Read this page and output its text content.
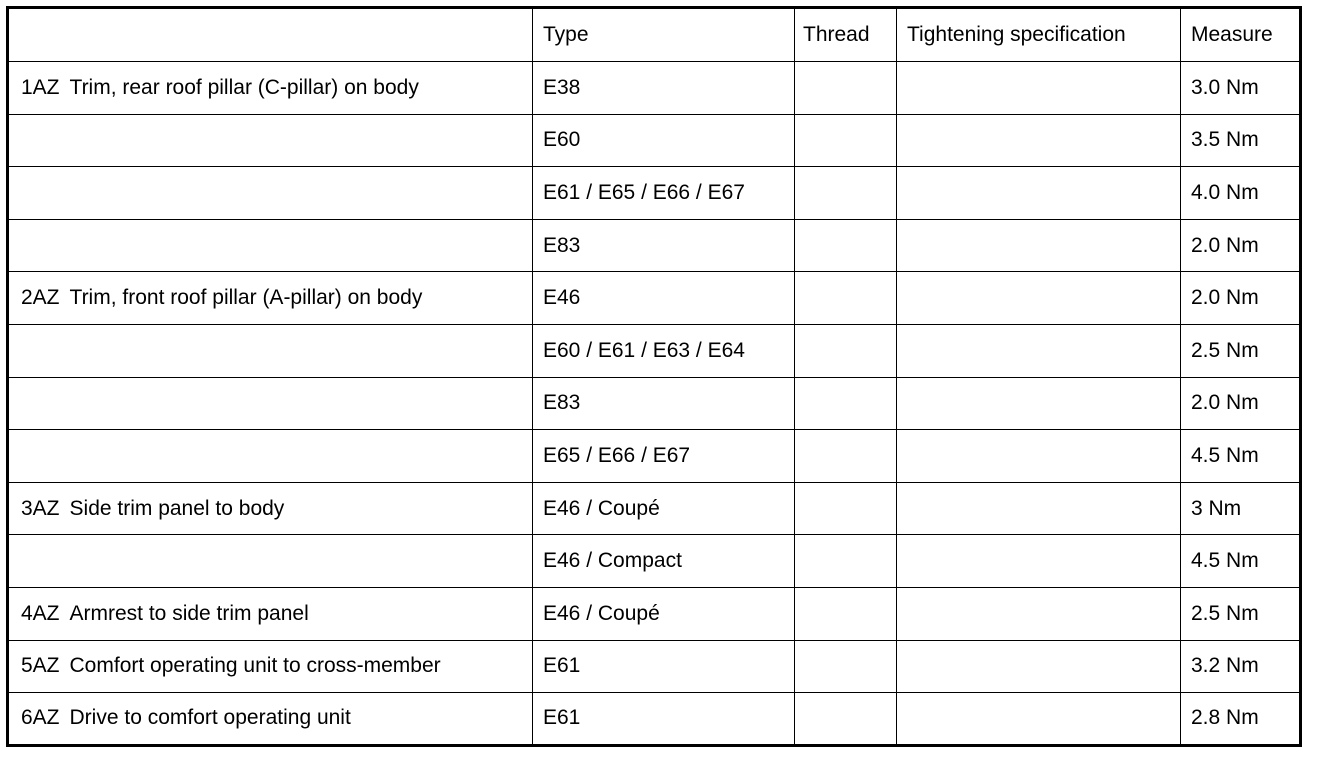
	Type	Thread	Tightening specification	Measure
1AZ Trim, rear roof pillar (C-pillar) on body	E38			3.0 Nm
	E60			3.5 Nm
	E61 / E65 / E66 / E67			4.0 Nm
	E83			2.0 Nm
2AZ Trim, front roof pillar (A-pillar) on body	E46			2.0 Nm
	E60 / E61 / E63 / E64			2.5 Nm
	E83			2.0 Nm
	E65 / E66 / E67			4.5 Nm
3AZ Side trim panel to body	E46 / Coupé			3 Nm
	E46 / Compact			4.5 Nm
4AZ Armrest to side trim panel	E46 / Coupé			2.5 Nm
5AZ Comfort operating unit to cross-member	E61			3.2 Nm
6AZ Drive to comfort operating unit	E61			2.8 Nm
